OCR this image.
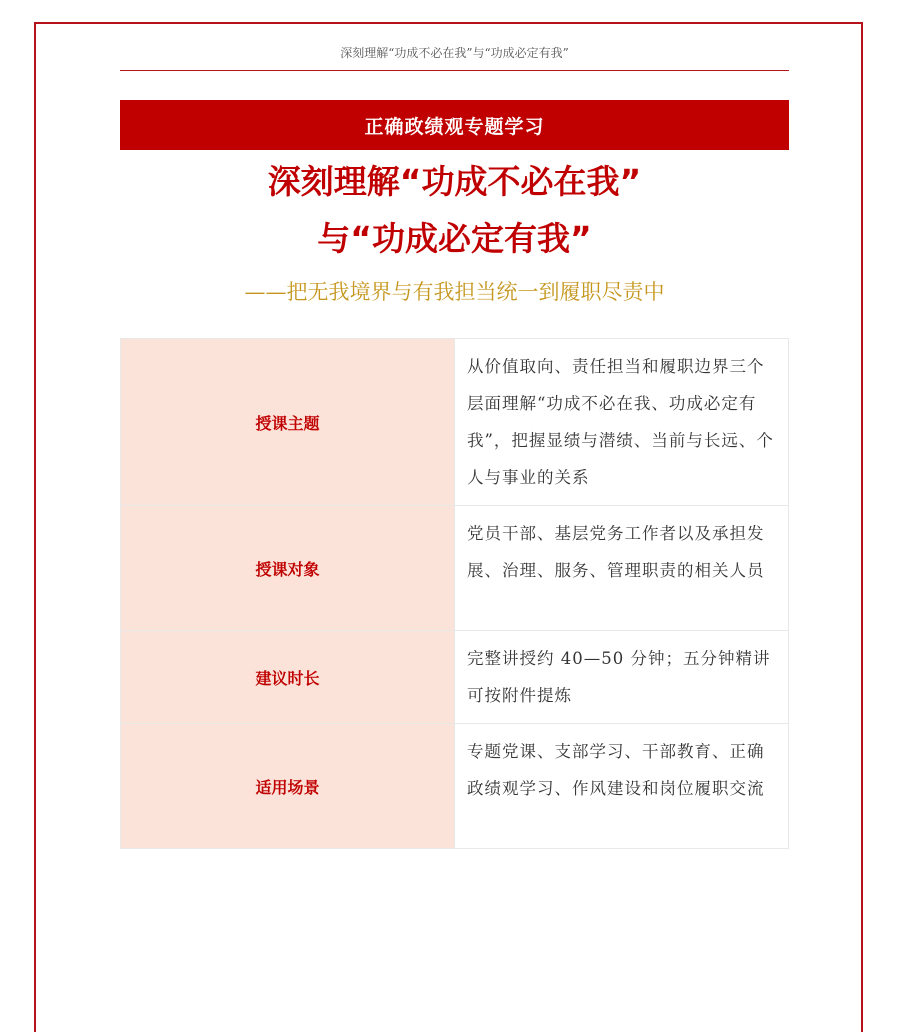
深刻理解“功成不必在我”与“功成必定有我”
正确政绩观专题学习
深刻理解“功成不必在我”
与“功成必定有我”
——把无我境界与有我担当统一到履职尽责中
授课主题	从价值取向、责任担当和履职边界三个层面理解“功成不必在我、功成必定有我”，把握显绩与潜绩、当前与长远、个人与事业的关系
授课对象	党员干部、基层党务工作者以及承担发展、治理、服务、管理职责的相关人员
建议时长	完整讲授约 40—50 分钟；五分钟精讲可按附件提炼
适用场景	专题党课、支部学习、干部教育、正确政绩观学习、作风建设和岗位履职交流
